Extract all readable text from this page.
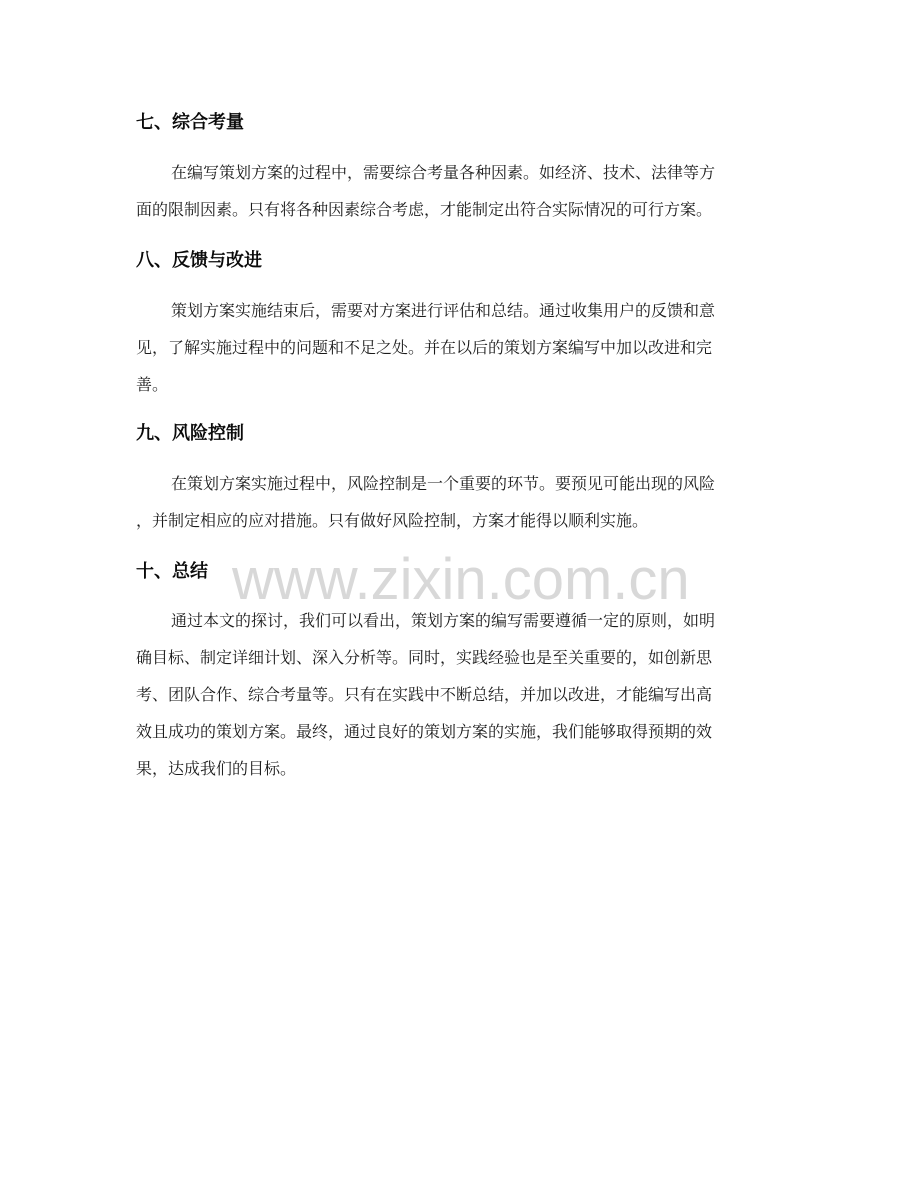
www.zixin.com.cn
七、综合考量

在编写策划方案的过程中，需要综合考量各种因素。如经济、技术、法律等方
面的限制因素。只有将各种因素综合考虑，才能制定出符合实际情况的可行方案。

八、反馈与改进

策划方案实施结束后，需要对方案进行评估和总结。通过收集用户的反馈和意
见，了解实施过程中的问题和不足之处。并在以后的策划方案编写中加以改进和完
善。

九、风险控制

在策划方案实施过程中，风险控制是一个重要的环节。要预见可能出现的风险
，并制定相应的应对措施。只有做好风险控制，方案才能得以顺利实施。

十、总结

通过本文的探讨，我们可以看出，策划方案的编写需要遵循一定的原则，如明
确目标、制定详细计划、深入分析等。同时，实践经验也是至关重要的，如创新思
考、团队合作、综合考量等。只有在实践中不断总结，并加以改进，才能编写出高
效且成功的策划方案。最终，通过良好的策划方案的实施，我们能够取得预期的效
果，达成我们的目标。
